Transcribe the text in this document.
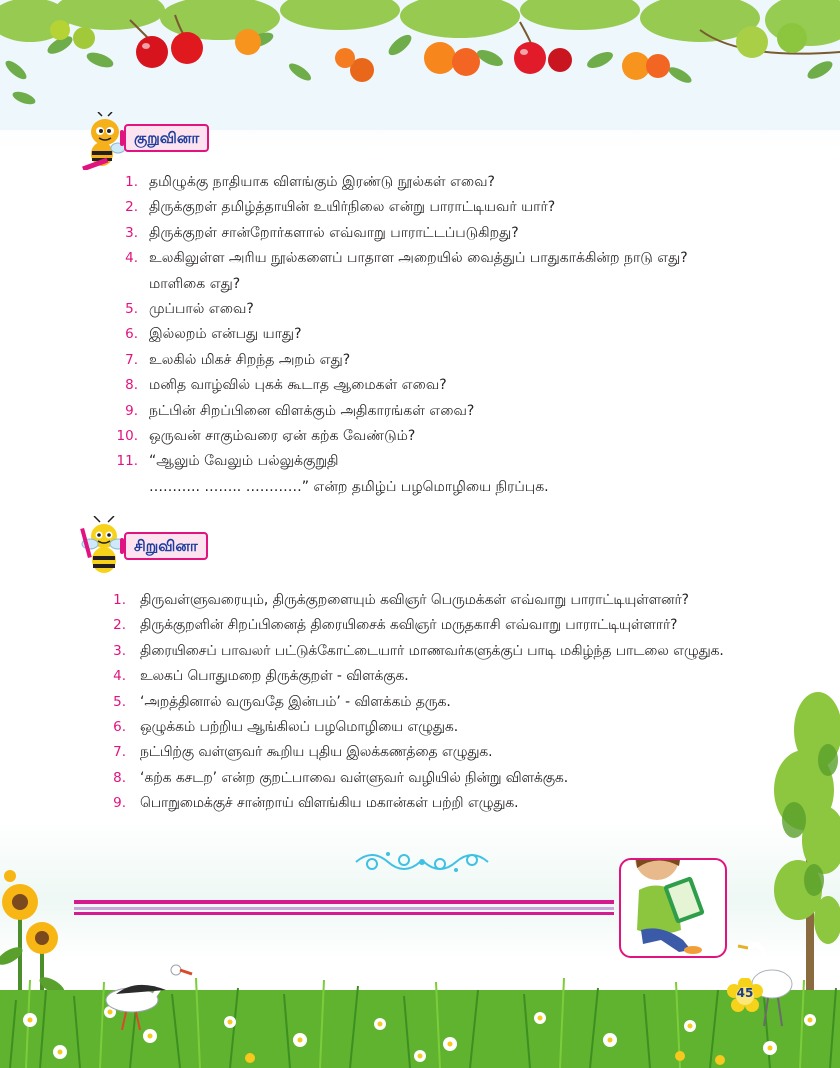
குறுவினா
1. தமிழுக்கு நாதியாக விளங்கும் இரண்டு நூல்கள் எவை?
2. திருக்குறள் தமிழ்த்தாயின் உயிர்நிலை என்று பாராட்டியவர் யார்?
3. திருக்குறள் சான்றோர்களால் எவ்வாறு பாராட்டப்படுகிறது?
4. உலகிலுள்ள அரிய நூல்களைப் பாதாள அறையில் வைத்துப் பாதுகாக்கின்ற நாடு எது?
மாளிகை எது?
5. முப்பால் எவை?
6. இல்லறம் என்பது யாது?
7. உலகில் மிகச் சிறந்த அறம் எது?
8. மனித வாழ்வில் புகக் கூடாத ஆமைகள் எவை?
9. நட்பின் சிறப்பினை விளக்கும் அதிகாரங்கள் எவை?
10. ஒருவன் சாகும்வரை ஏன் கற்க வேண்டும்?
11. “ஆலும் வேலும் பல்லுக்குறுதி
……….. …….. …………” என்ற தமிழ்ப் பழமொழியை நிரப்புக.
சிறுவினா
1. திருவள்ளுவரையும், திருக்குறளையும் கவிஞர் பெருமக்கள் எவ்வாறு பாராட்டியுள்ளனர்?
2. திருக்குறளின் சிறப்பினைத் திரையிசைக் கவிஞர் மருதகாசி எவ்வாறு பாராட்டியுள்ளார்?
3. திரையிசைப் பாவலர் பட்டுக்கோட்டையார் மாணவர்களுக்குப் பாடி மகிழ்ந்த பாடலை எழுதுக.
4. உலகப் பொதுமறை திருக்குறள் - விளக்குக.
5. ‘அறத்தினால் வருவதே இன்பம்’ - விளக்கம் தருக.
6. ஒழுக்கம் பற்றிய ஆங்கிலப் பழமொழியை எழுதுக.
7. நட்பிற்கு வள்ளுவர் கூறிய புதிய இலக்கணத்தை எழுதுக.
8. ‘கற்க கசடற’ என்ற குறட்பாவை வள்ளுவர் வழியில் நின்று விளக்குக.
9. பொறுமைக்குச் சான்றாய் விளங்கிய மகான்கள் பற்றி எழுதுக.
45
